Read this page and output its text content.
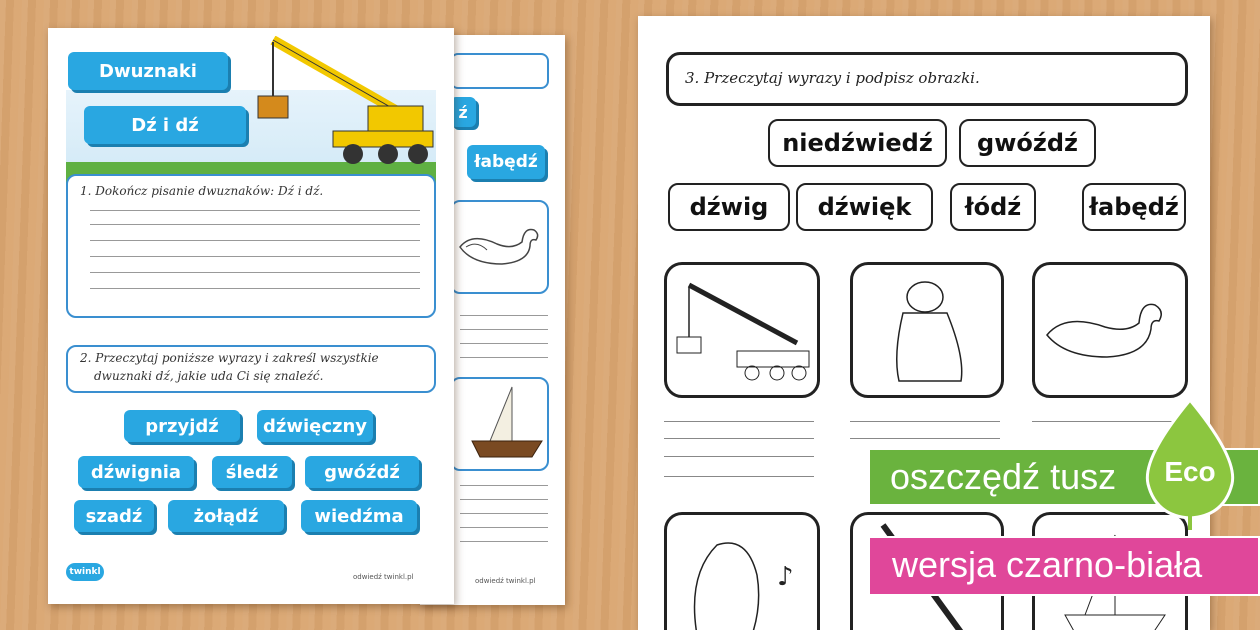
ź
łabędź
odwiedź twinkl.pl
Dwuznaki
Dź i dź
1. Dokończ pisanie dwuznaków: Dź i dź.
2. Przeczytaj poniższe wyrazy i zakreśl wszystkie
dwuznaki dź, jakie uda Ci się znaleźć.
przyjdź	dźwięczny
dźwignia	śledź	gwóźdź
szadź	żołądź	wiedźma
twinkl	odwiedź twinkl.pl
3. Przeczytaj wyrazy i podpisz obrazki.
niedźwiedź	gwóźdź
dźwig	dźwięk	łódź	łabędź
♪
oszczędź tusz	Eco
wersja czarno-biała
